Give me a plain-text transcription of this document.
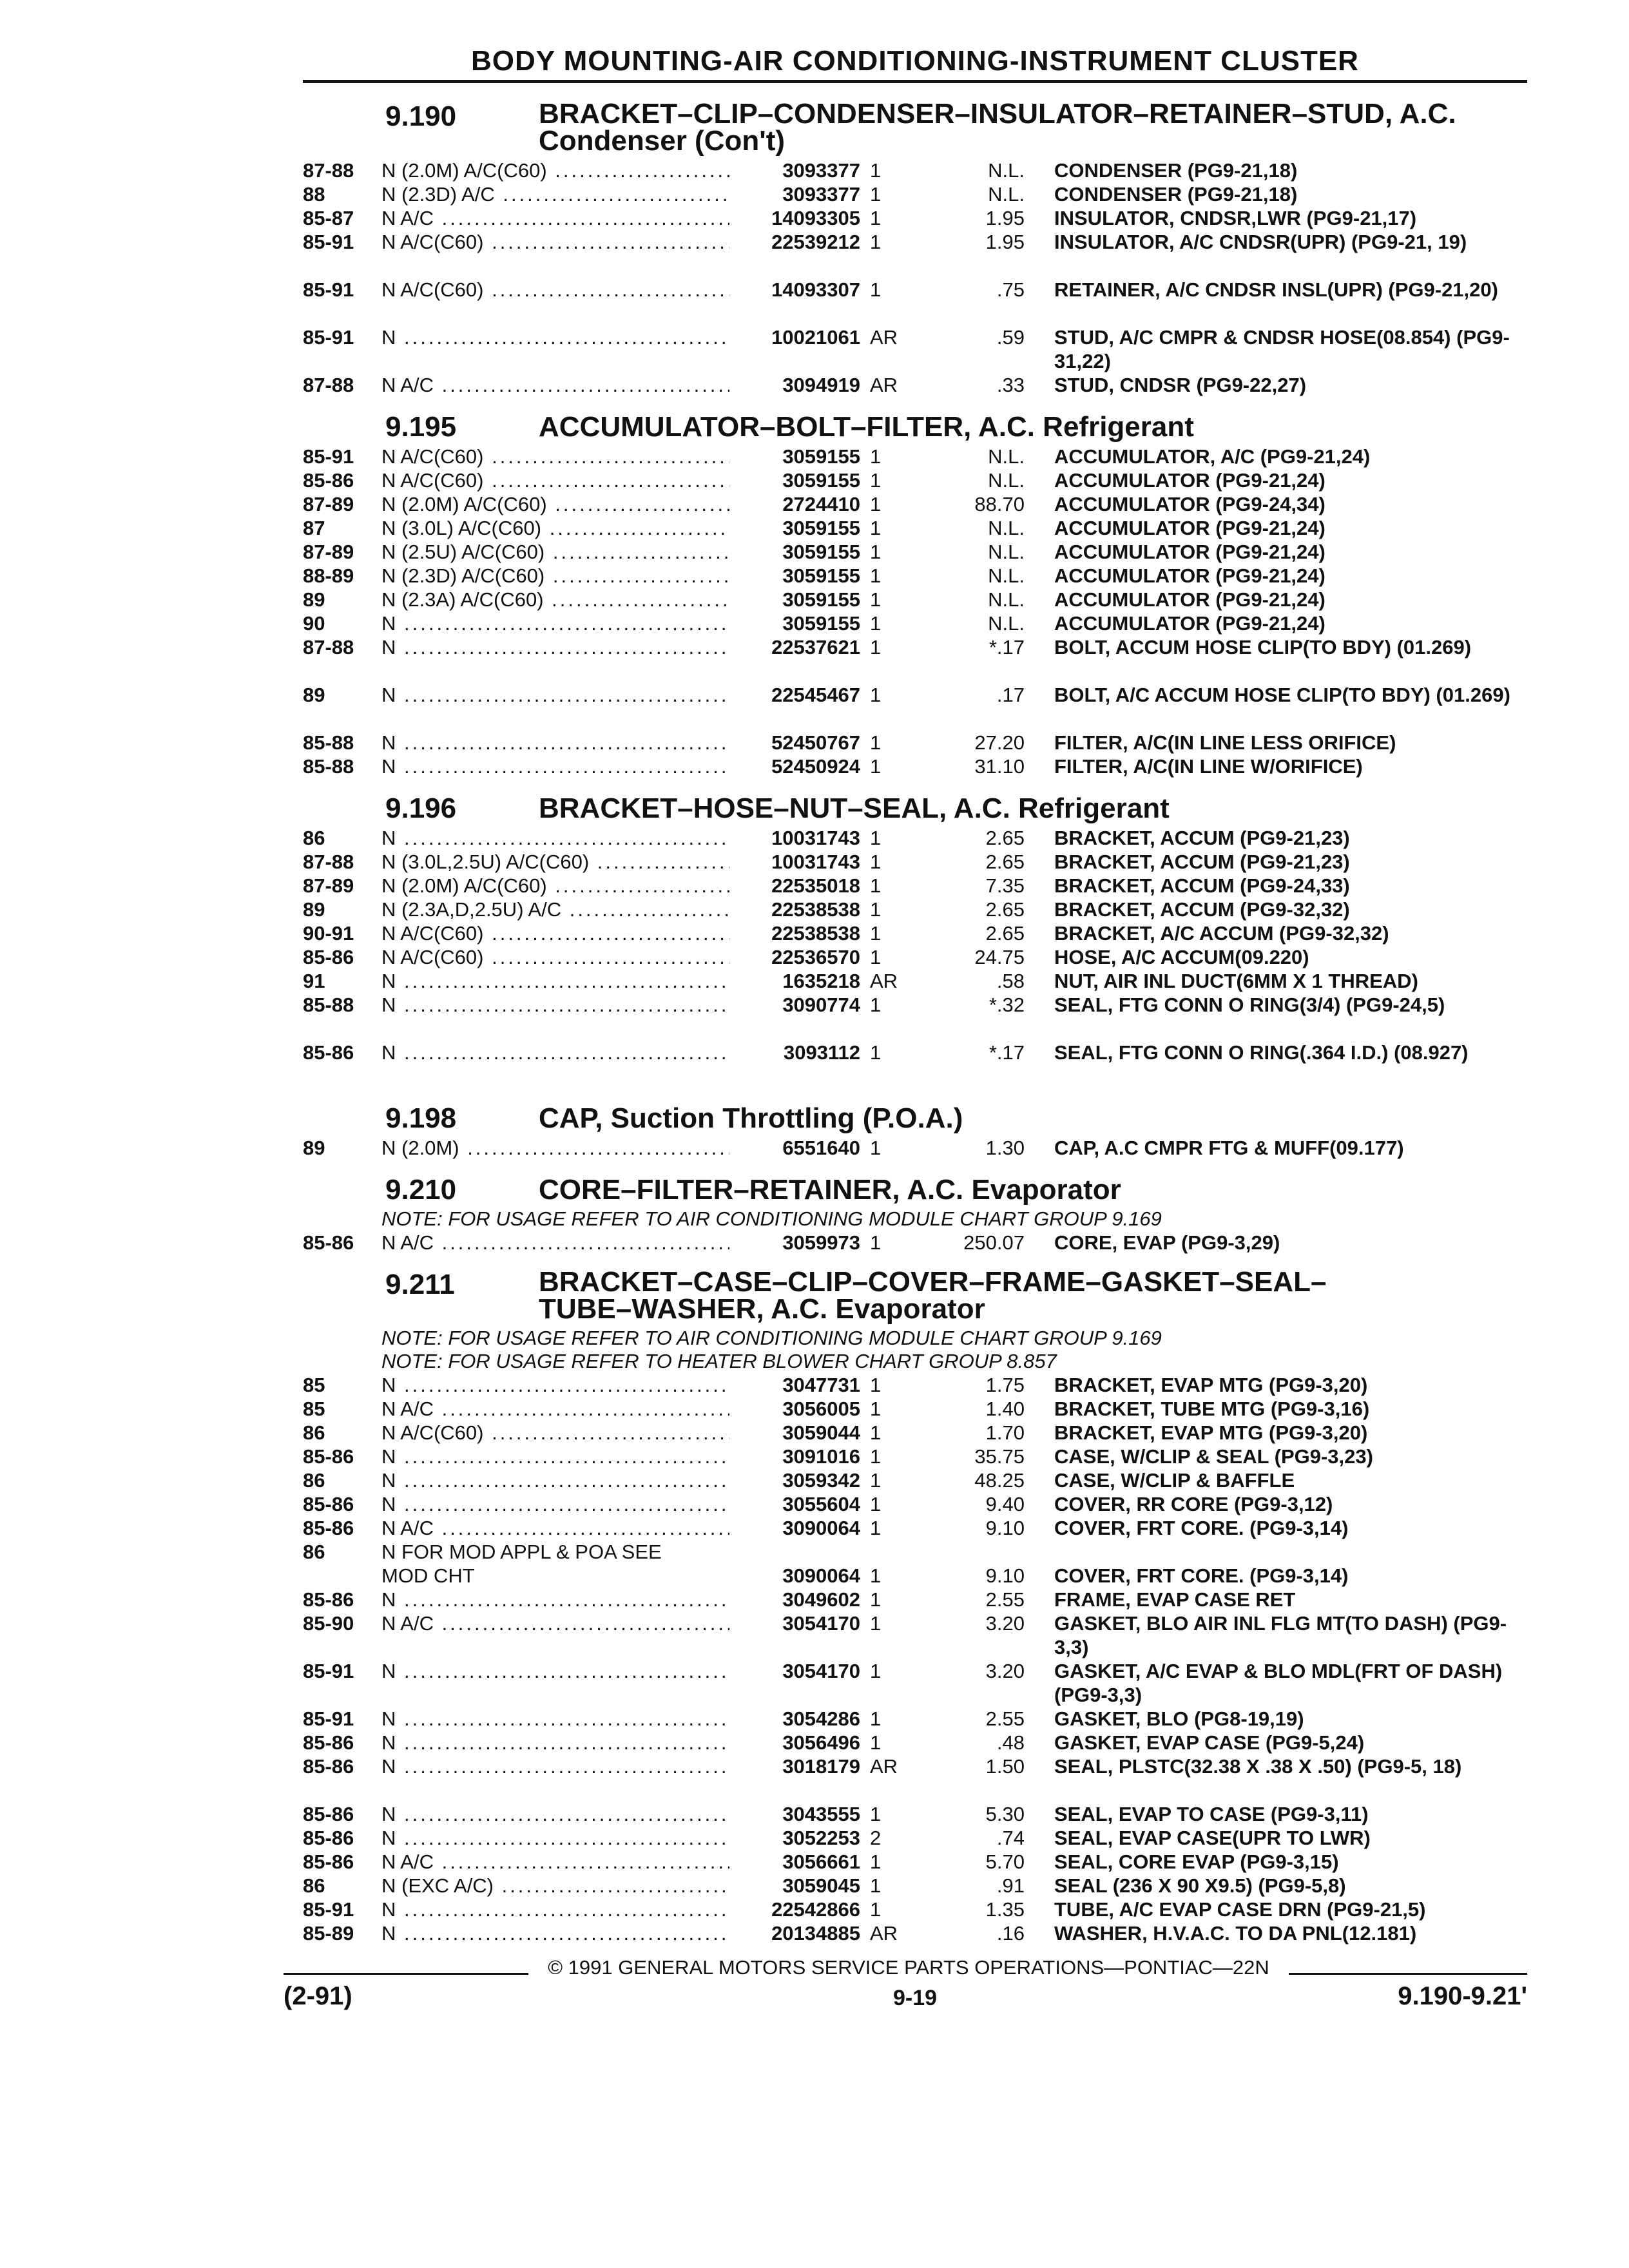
BODY MOUNTING-AIR CONDITIONING-INSTRUMENT CLUSTER
9.190	BRACKET–CLIP–CONDENSER–INSULATOR–RETAINER–STUD, A.C.
Condenser (Con't)
87-88	N (2.0M) A/C(C60) .....	3093377 1	N.L. CONDENSER (PG9-21,18)
88	N (2.3D) A/C .....	3093377 1	N.L. CONDENSER (PG9-21,18)
85-87	N A/C .....	14093305 1	1.95 INSULATOR, CNDSR,LWR (PG9-21,17)
85-91	N A/C(C60) .....	22539212 1	1.95 INSULATOR, A/C CNDSR(UPR) (PG9-21, 19)
85-91	N A/C(C60) .....	14093307 1	.75 RETAINER, A/C CNDSR INSL(UPR) (PG9-21,20)
85-91	N .....	10021061 AR	.59 STUD, A/C CMPR & CNDSR HOSE(08.854) (PG9-31,22)
87-88	N A/C .....	3094919 AR	.33 STUD, CNDSR (PG9-22,27)
9.195	ACCUMULATOR–BOLT–FILTER, A.C. Refrigerant
85-91	N A/C(C60) .....	3059155 1	N.L. ACCUMULATOR, A/C (PG9-21,24)
85-86	N A/C(C60) .....	3059155 1	N.L. ACCUMULATOR (PG9-21,24)
87-89	N (2.0M) A/C(C60) .....	2724410 1	88.70 ACCUMULATOR (PG9-24,34)
87	N (3.0L) A/C(C60) .....	3059155 1	N.L. ACCUMULATOR (PG9-21,24)
87-89	N (2.5U) A/C(C60) .....	3059155 1	N.L. ACCUMULATOR (PG9-21,24)
88-89	N (2.3D) A/C(C60) .....	3059155 1	N.L. ACCUMULATOR (PG9-21,24)
89	N (2.3A) A/C(C60) .....	3059155 1	N.L. ACCUMULATOR (PG9-21,24)
90	N .....	3059155 1	N.L. ACCUMULATOR (PG9-21,24)
87-88	N .....	22537621 1	*.17 BOLT, ACCUM HOSE CLIP(TO BDY) (01.269)
89	N .....	22545467 1	.17 BOLT, A/C ACCUM HOSE CLIP(TO BDY) (01.269)
85-88	N .....	52450767 1	27.20 FILTER, A/C(IN LINE LESS ORIFICE)
85-88	N .....	52450924 1	31.10 FILTER, A/C(IN LINE W/ORIFICE)
9.196	BRACKET–HOSE–NUT–SEAL, A.C. Refrigerant
86	N .....	10031743 1	2.65 BRACKET, ACCUM (PG9-21,23)
87-88	N (3.0L,2.5U) A/C(C60) .....	10031743 1	2.65 BRACKET, ACCUM (PG9-21,23)
87-89	N (2.0M) A/C(C60) .....	22535018 1	7.35 BRACKET, ACCUM (PG9-24,33)
89	N (2.3A,D,2.5U) A/C .....	22538538 1	2.65 BRACKET, ACCUM (PG9-32,32)
90-91	N A/C(C60) .....	22538538 1	2.65 BRACKET, A/C ACCUM (PG9-32,32)
85-86	N A/C(C60) .....	22536570 1	24.75 HOSE, A/C ACCUM(09.220)
91	N .....	1635218 AR	.58 NUT, AIR INL DUCT(6MM X 1 THREAD)
85-88	N .....	3090774 1	*.32 SEAL, FTG CONN O RING(3/4) (PG9-24,5)
85-86	N .....	3093112 1	*.17 SEAL, FTG CONN O RING(.364 I.D.) (08.927)
9.198	CAP, Suction Throttling (P.O.A.)
89	N (2.0M) .....	6551640 1	1.30 CAP, A.C CMPR FTG & MUFF(09.177)
9.210	CORE–FILTER–RETAINER, A.C. Evaporator
NOTE: FOR USAGE REFER TO AIR CONDITIONING MODULE CHART GROUP 9.169
85-86	N A/C .....	3059973 1	250.07 CORE, EVAP (PG9-3,29)
9.211	BRACKET–CASE–CLIP–COVER–FRAME–GASKET–SEAL–
TUBE–WASHER, A.C. Evaporator
NOTE: FOR USAGE REFER TO AIR CONDITIONING MODULE CHART GROUP 9.169
NOTE: FOR USAGE REFER TO HEATER BLOWER CHART GROUP 8.857
85	N .....	3047731 1	1.75 BRACKET, EVAP MTG (PG9-3,20)
85	N A/C .....	3056005 1	1.40 BRACKET, TUBE MTG (PG9-3,16)
86	N A/C(C60) .....	3059044 1	1.70 BRACKET, EVAP MTG (PG9-3,20)
85-86	N .....	3091016 1	35.75 CASE, W/CLIP & SEAL (PG9-3,23)
86	N .....	3059342 1	48.25 CASE, W/CLIP & BAFFLE
85-86	N .....	3055604 1	9.40 COVER, RR CORE (PG9-3,12)
85-86	N A/C .....	3090064 1	9.10 COVER, FRT CORE. (PG9-3,14)
86	N FOR MOD APPL & POA SEE MOD CHT	3090064 1	9.10 COVER, FRT CORE. (PG9-3,14)
85-86	N .....	3049602 1	2.55 FRAME, EVAP CASE RET
85-90	N A/C .....	3054170 1	3.20 GASKET, BLO AIR INL FLG MT(TO DASH) (PG9-3,3)
85-91	N .....	3054170 1	3.20 GASKET, A/C EVAP & BLO MDL(FRT OF DASH) (PG9-3,3)
85-91	N .....	3054286 1	2.55 GASKET, BLO (PG8-19,19)
85-86	N .....	3056496 1	.48 GASKET, EVAP CASE (PG9-5,24)
85-86	N .....	3018179 AR	1.50 SEAL, PLSTC(32.38 X .38 X .50) (PG9-5, 18)
85-86	N .....	3043555 1	5.30 SEAL, EVAP TO CASE (PG9-3,11)
85-86	N .....	3052253 2	.74 SEAL, EVAP CASE(UPR TO LWR)
85-86	N A/C .....	3056661 1	5.70 SEAL, CORE EVAP (PG9-3,15)
86	N (EXC A/C) .....	3059045 1	.91 SEAL (236 X 90 X9.5) (PG9-5,8)
85-91	N .....	22542866 1	1.35 TUBE, A/C EVAP CASE DRN (PG9-21,5)
85-89	N .....	20134885 AR	.16 WASHER, H.V.A.C. TO DA PNL(12.181)
© 1991 GENERAL MOTORS SERVICE PARTS OPERATIONS—PONTIAC—22N
(2-91)	9-19	9.190-9.21'
